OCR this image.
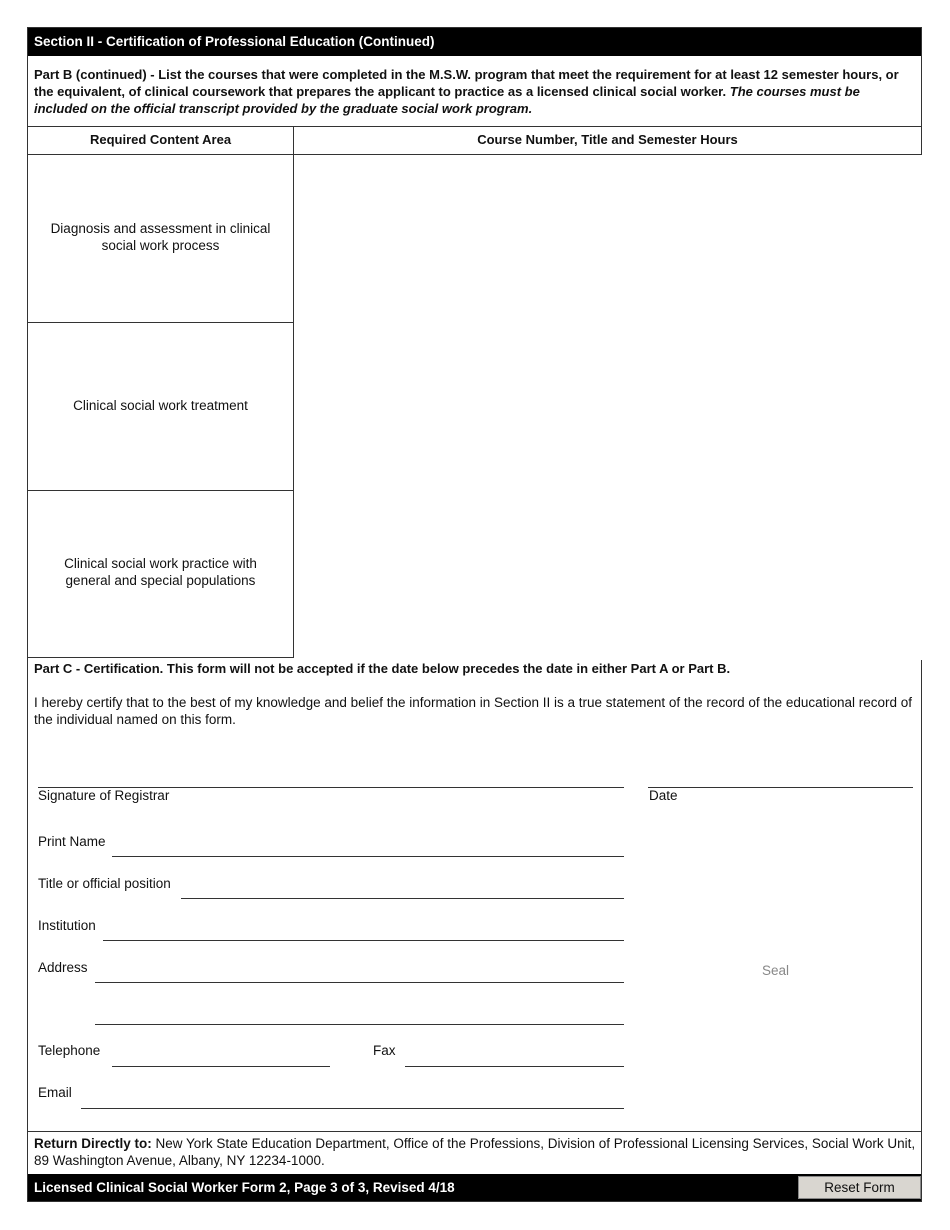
Section II - Certification of Professional Education (Continued)
Part B (continued) - List the courses that were completed in the M.S.W. program that meet the requirement for at least 12 semester hours, or the equivalent, of clinical coursework that prepares the applicant to practice as a licensed clinical social worker. The courses must be included on the official transcript provided by the graduate social work program.
Required Content Area	Course Number, Title and Semester Hours
Diagnosis and assessment in clinical social work process
Clinical social work treatment
Clinical social work practice with general and special populations
Part C - Certification. This form will not be accepted if the date below precedes the date in either Part A or Part B.
I hereby certify that to the best of my knowledge and belief the information in Section II is a true statement of the record of the educational record of the individual named on this form.
Signature of Registrar	Date
Print Name
Title or official position
Institution
Address	Seal
Telephone	Fax
Email
Return Directly to: New York State Education Department, Office of the Professions, Division of Professional Licensing Services, Social Work Unit, 89 Washington Avenue, Albany, NY 12234-1000.
Licensed Clinical Social Worker Form 2, Page 3 of 3, Revised 4/18	Reset Form
